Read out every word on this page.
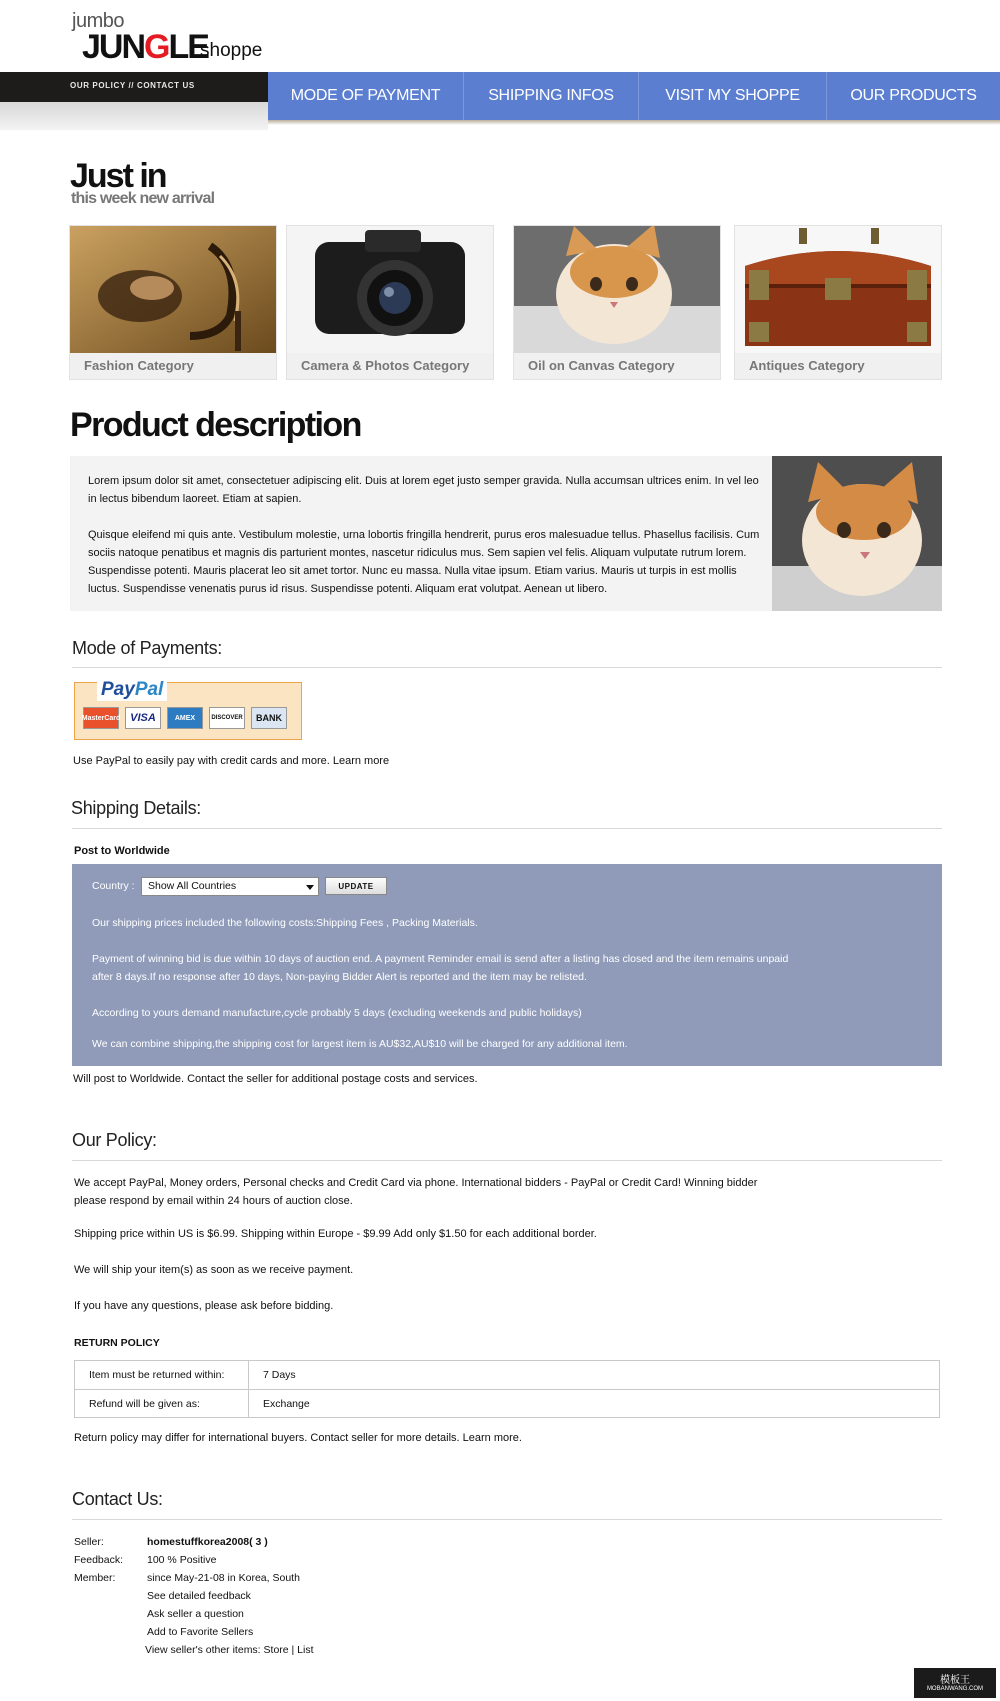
jumbo
JUNGLE
shoppe
OUR POLICY // CONTACT US
MODE OF PAYMENT	SHIPPING INFOS	VISIT MY SHOPPE	OUR PRODUCTS
Just in
this week new arrival
Fashion Category	Camera & Photos Category	Oil on Canvas Category	Antiques Category
Product description

Lorem ipsum dolor sit amet, consectetuer adipiscing elit. Duis at lorem eget justo semper gravida. Nulla accumsan ultrices enim. In vel leo in lectus bibendum laoreet. Etiam at sapien.

Quisque eleifend mi quis ante. Vestibulum molestie, urna lobortis fringilla hendrerit, purus eros malesuadue tellus. Phasellus facilisis. Cum sociis natoque penatibus et magnis dis parturient montes, nascetur ridiculus mus. Sem sapien vel felis. Aliquam vulputate rutrum lorem. Suspendisse potenti. Mauris placerat leo sit amet tortor. Nunc eu massa. Nulla vitae ipsum. Etiam varius. Mauris ut turpis in est mollis luctus. Suspendisse venenatis purus id risus. Suspendisse potenti. Aliquam erat volutpat. Aenean ut libero.

Mode of Payments:
PayPal
MasterCard VISA	AMEX	DISCOVER	BANK
Use PayPal to easily pay with credit cards and more. Learn more
Shipping Details:
Post to Worldwide
Our shipping prices included the following costs:Shipping Fees , Packing Materials.
Payment of winning bid is due within 10 days of auction end. A payment Reminder email is send after a listing has closed and the item remains unpaid after 8 days.If no response after 10 days, Non-paying Bidder Alert is reported and the item may be relisted.
According to yours demand manufacture,cycle probably 5 days (excluding weekends and public holidays)
We can combine shipping,the shipping cost for largest item is AU$32,AU$10 will be charged for any additional item.
Country :	Show All Countries	UPDATE
Will post to Worldwide. Contact the seller for additional postage costs and services.
Our Policy:
We accept PayPal, Money orders, Personal checks and Credit Card via phone. International bidders - PayPal or Credit Card! Winning bidder please respond by email within 24 hours of auction close.
Shipping price within US is $6.99. Shipping within Europe - $9.99 Add only $1.50 for each additional border.
We will ship your item(s) as soon as we receive payment.
If you have any questions, please ask before bidding.
RETURN POLICY
Item must be returned within:	7 Days
Refund will be given as:	Exchange
Return policy may differ for international buyers. Contact seller for more details. Learn more.
Contact Us:
Seller:	homestuffkorea2008( 3 )
Feedback: 100 % Positive
Member:	since May-21-08 in Korea, South
See detailed feedback
Ask seller a question
Add to Favorite Sellers
View seller's other items: Store | List
模板王
MOBANWANG.COM
